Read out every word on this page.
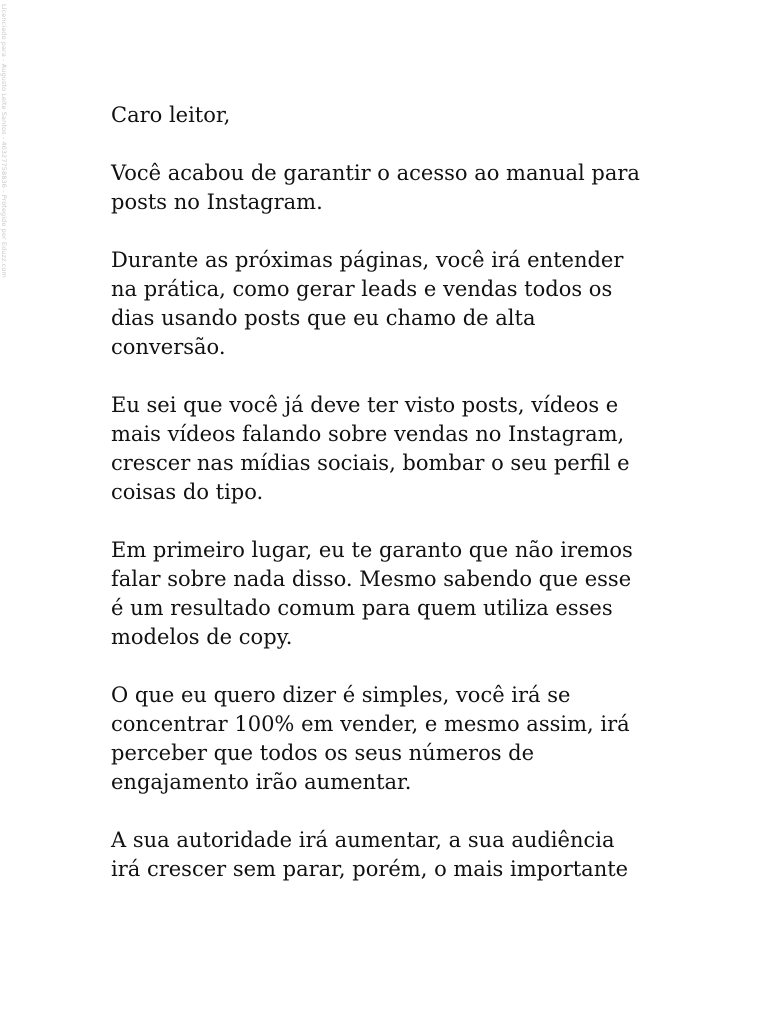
Licenciado para - Augusto Leite Santos - 40327758836 - Protegido por Eduzz.com	Caro leitor,

Você acabou de garantir o acesso ao manual para
posts no Instagram.

Durante as próximas páginas, você irá entender
na prática, como gerar leads e vendas todos os
dias usando posts que eu chamo de alta
conversão.

Eu sei que você já deve ter visto posts, vídeos e
mais vídeos falando sobre vendas no Instagram,
crescer nas mídias sociais, bombar o seu perfil e
coisas do tipo.

Em primeiro lugar, eu te garanto que não iremos
falar sobre nada disso. Mesmo sabendo que esse
é um resultado comum para quem utiliza esses
modelos de copy.

O que eu quero dizer é simples, você irá se
concentrar 100% em vender, e mesmo assim, irá
perceber que todos os seus números de
engajamento irão aumentar.

A sua autoridade irá aumentar, a sua audiência
irá crescer sem parar, porém, o mais importante
